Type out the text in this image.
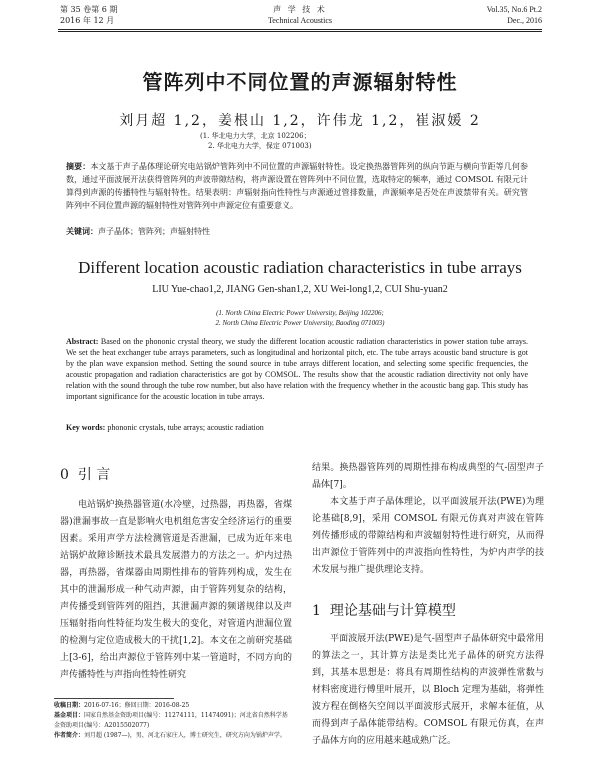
第 35 卷第 6 期
2016 年 12 月
声 学 技 术
Technical Acoustics
Vol.35, No.6 Pt.2
Dec., 2016
管阵列中不同位置的声源辐射特性
刘月超 1,2，姜根山 1,2，许伟龙 1,2，崔淑媛 2
(1. 华北电力大学，北京 102206；
2. 华北电力大学，保定 071003)
摘要：本文基于声子晶体理论研究电站锅炉管阵列中不同位置的声源辐射特性。设定换热器管阵列的纵向节距与横向节距等几何参数，通过平面波展开法获得管阵列的声波带隙结构，将声源设置在管阵列中不同位置，选取特定的频率，通过 COMSOL 有限元计算得到声源的传播特性与辐射特性。结果表明：声辐射指向性特性与声源通过管排数量，声源频率是否处在声波禁带有关。研究管阵列中不同位置声源的辐射特性对管阵列中声源定位有重要意义。
关键词：声子晶体；管阵列；声辐射特性
Different location acoustic radiation characteristics in tube arrays
LIU Yue-chao1,2, JIANG Gen-shan1,2, XU Wei-long1,2, CUI Shu-yuan2
(1. North China Electric Power University, Beijing 102206;
2. North China Electric Power University, Baoding 071003)
Abstract: Based on the phononic crystal theory, we study the different location acoustic radiation characteristics in power station tube arrays. We set the heat exchanger tube arrays parameters, such as longitudinal and horizontal pitch, etc. The tube arrays acoustic band structure is got by the plan wave expansion method. Setting the sound source in tube arrays different location, and selecting some specific frequencies, the acoustic propagation and radiation characteristics are got by COMSOL. The results show that the acoustic radiation directivity not only have relation with the sound through the tube row number, but also have relation with the frequency whether in the acoustic bang gap. This study has important significance for the acoustic location in tube arrays.
Key words: phononic crystals, tube arrays; acoustic radiation
0 引 言
电站锅炉换热器管道(水冷壁，过热器，再热器，省煤器)泄漏事故一直是影响火电机组危害安全经济运行的重要因素。采用声学方法检测管道是否泄漏，已成为近年来电站锅炉故障诊断技术最具发展潜力的方法之一。炉内过热器，再热器，省煤器由周期性排布的管阵列构成，发生在其中的泄漏形成一种气动声源，由于管阵列复杂的结构，声传播受到管阵列的阻挡，其泄漏声源的频谱规律以及声压辐射指向性特征均发生极大的变化，对管道内泄漏位置的检测与定位造成极大的干扰[1,2]。本文在之前研究基础上[3-6]，给出声源位于管阵列中某一管道时，不同方向的声传播特性与声指向性特性研究
收稿日期：2016-07-16；修回日期：2016-08-25
基金项目：国家自然基金资助项目(编号：11274111，11474091)；河北省自然科学基金资助项目(编号：A2015502077)
作者简介：刘月超 (1987—)，男，河北石家庄人，博士研究生，研究方向为锅炉声学。
结果。换热器管阵列的周期性排布构成典型的气-固型声子晶体[7]。
本文基于声子晶体理论，以平面波展开法(PWE)为理论基础[8,9]，采用 COMSOL 有限元仿真对声波在管阵列传播形成的带隙结构和声波辐射特性进行研究，从而得出声源位于管阵列中的声波指向性特性，为炉内声学的技术发展与推广提供理论支持。
1 理论基础与计算模型
平面波展开法(PWE)是气-固型声子晶体研究中最常用的算法之一，其计算方法是类比光子晶体的研究方法得到，其基本思想是：将具有周期性结构的声波弹性常数与材料密度进行傅里叶展开，以 Bloch 定理为基础，将弹性波方程在倒格矢空间以平面波形式展开，求解本征值，从而得到声子晶体能带结构。COMSOL 有限元仿真，在声子晶体方向的应用越来越成熟广泛。
